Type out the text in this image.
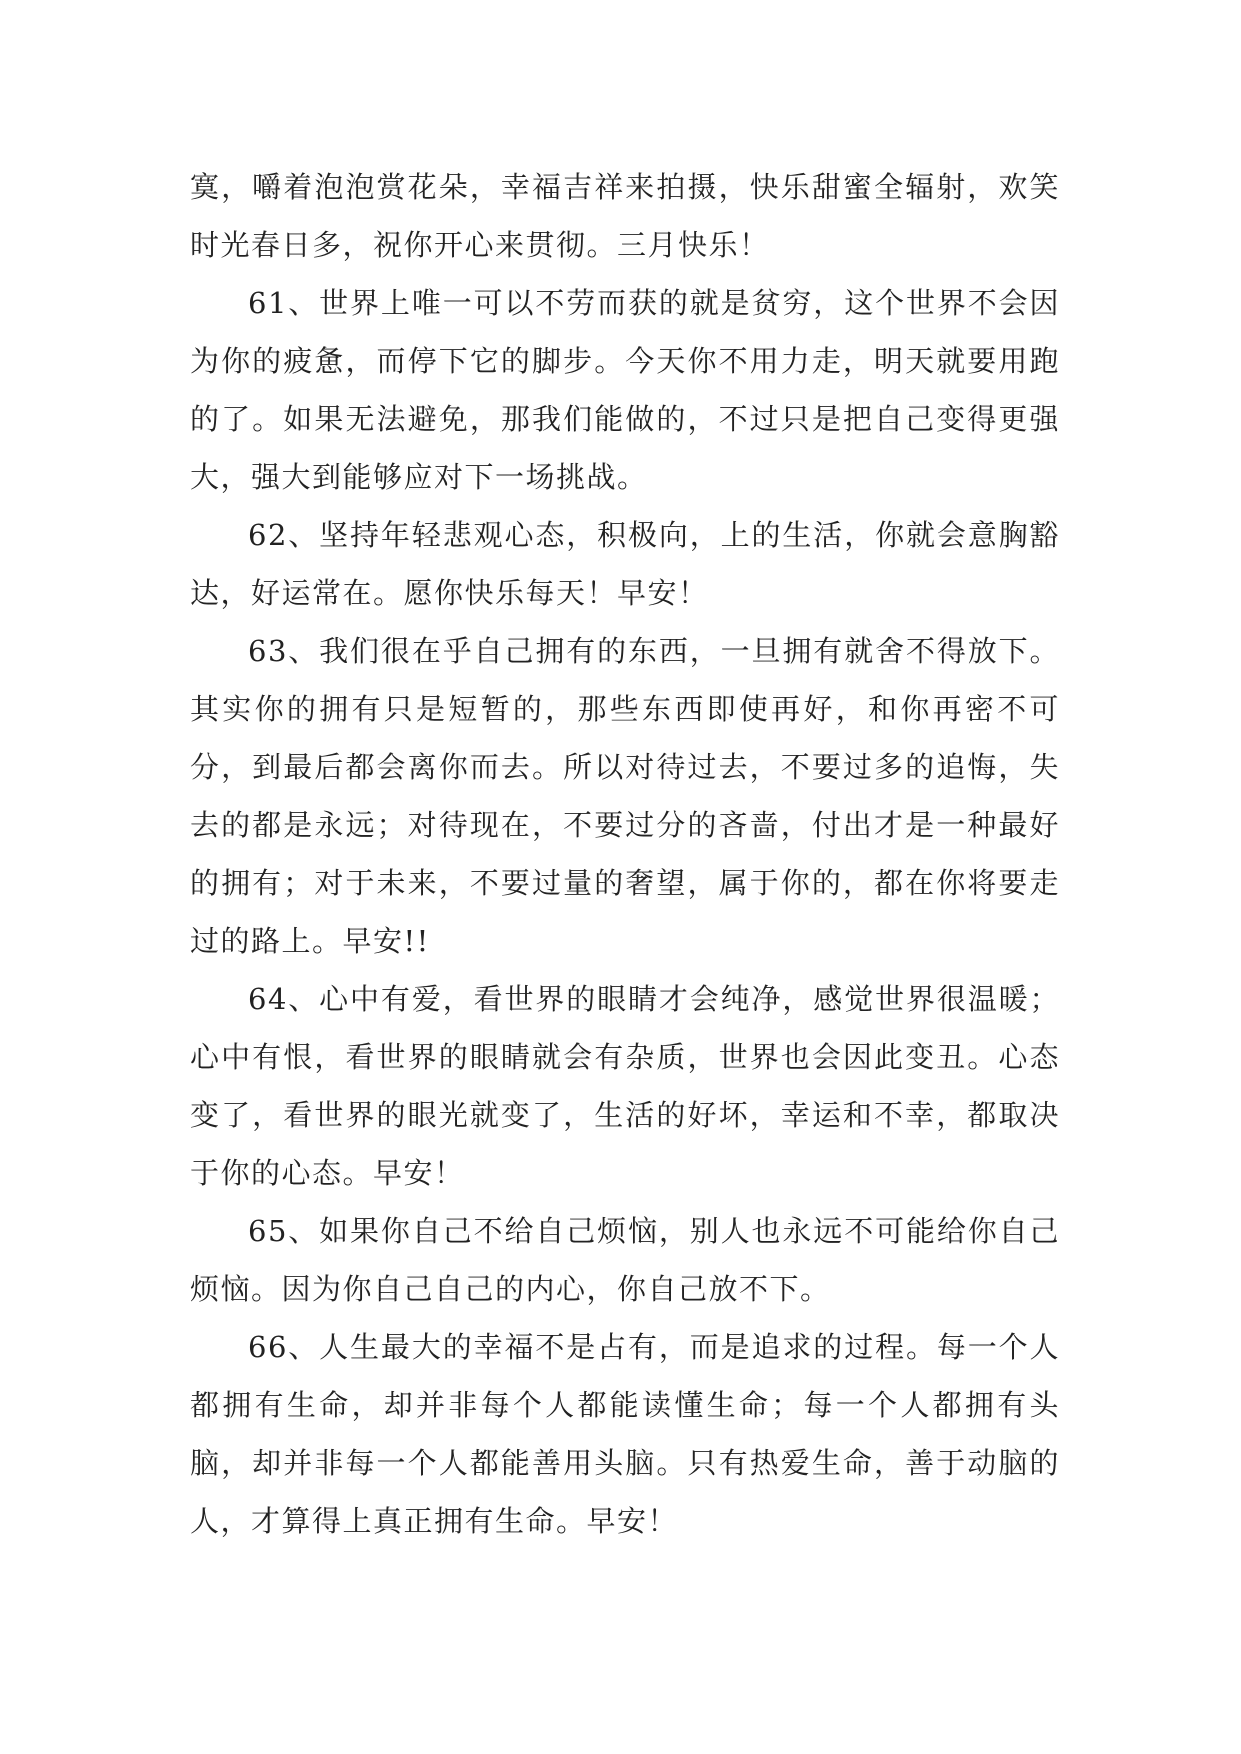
寞，嚼着泡泡赏花朵，幸福吉祥来拍摄，快乐甜蜜全辐射，欢笑时光春日多，祝你开心来贯彻。三月快乐！

61、世界上唯一可以不劳而获的就是贫穷，这个世界不会因为你的疲惫，而停下它的脚步。今天你不用力走，明天就要用跑的了。如果无法避免，那我们能做的，不过只是把自己变得更强大，强大到能够应对下一场挑战。

62、坚持年轻悲观心态，积极向，上的生活，你就会意胸豁达，好运常在。愿你快乐每天！早安！

63、我们很在乎自己拥有的东西，一旦拥有就舍不得放下。其实你的拥有只是短暂的，那些东西即使再好，和你再密不可分，到最后都会离你而去。所以对待过去，不要过多的追悔，失去的都是永远；对待现在，不要过分的吝啬，付出才是一种最好的拥有；对于未来，不要过量的奢望，属于你的，都在你将要走过的路上。早安!!

64、心中有爱，看世界的眼睛才会纯净，感觉世界很温暖；心中有恨，看世界的眼睛就会有杂质，世界也会因此变丑。心态变了，看世界的眼光就变了，生活的好坏，幸运和不幸，都取决于你的心态。早安！

65、如果你自己不给自己烦恼，别人也永远不可能给你自己烦恼。因为你自己自己的内心，你自己放不下。

66、人生最大的幸福不是占有，而是追求的过程。每一个人都拥有生命，却并非每个人都能读懂生命；每一个人都拥有头脑，却并非每一个人都能善用头脑。只有热爱生命，善于动脑的人，才算得上真正拥有生命。早安！
